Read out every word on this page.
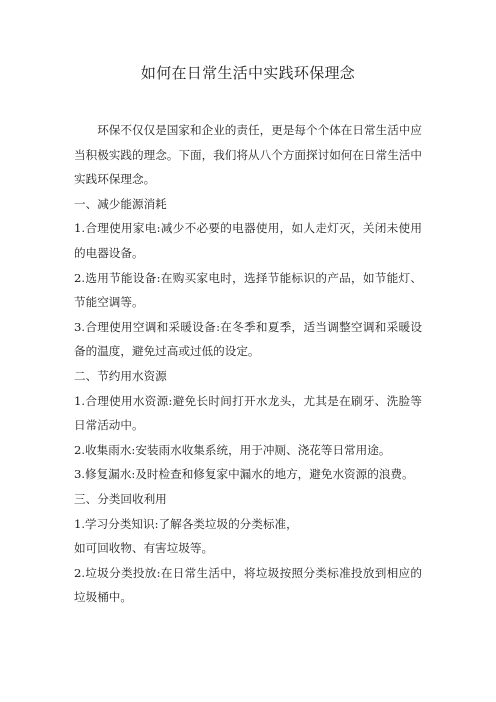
如何在日常生活中实践环保理念

环保不仅仅是国家和企业的责任，更是每个个体在日常生活中应当积极实践的理念。下面，我们将从八个方面探讨如何在日常生活中实践环保理念。

一、减少能源消耗

1.合理使用家电:减少不必要的电器使用，如人走灯灭，关闭未使用的电器设备。

2.选用节能设备:在购买家电时，选择节能标识的产品，如节能灯、节能空调等。

3.合理使用空调和采暖设备:在冬季和夏季，适当调整空调和采暖设备的温度，避免过高或过低的设定。

二、节约用水资源

1.合理使用水资源:避免长时间打开水龙头，尤其是在刷牙、洗脸等日常活动中。

2.收集雨水:安装雨水收集系统，用于冲厕、浇花等日常用途。

3.修复漏水:及时检查和修复家中漏水的地方，避免水资源的浪费。

三、分类回收利用

1.学习分类知识:了解各类垃圾的分类标准，

如可回收物、有害垃圾等。

2.垃圾分类投放:在日常生活中，将垃圾按照分类标准投放到相应的垃圾桶中。
